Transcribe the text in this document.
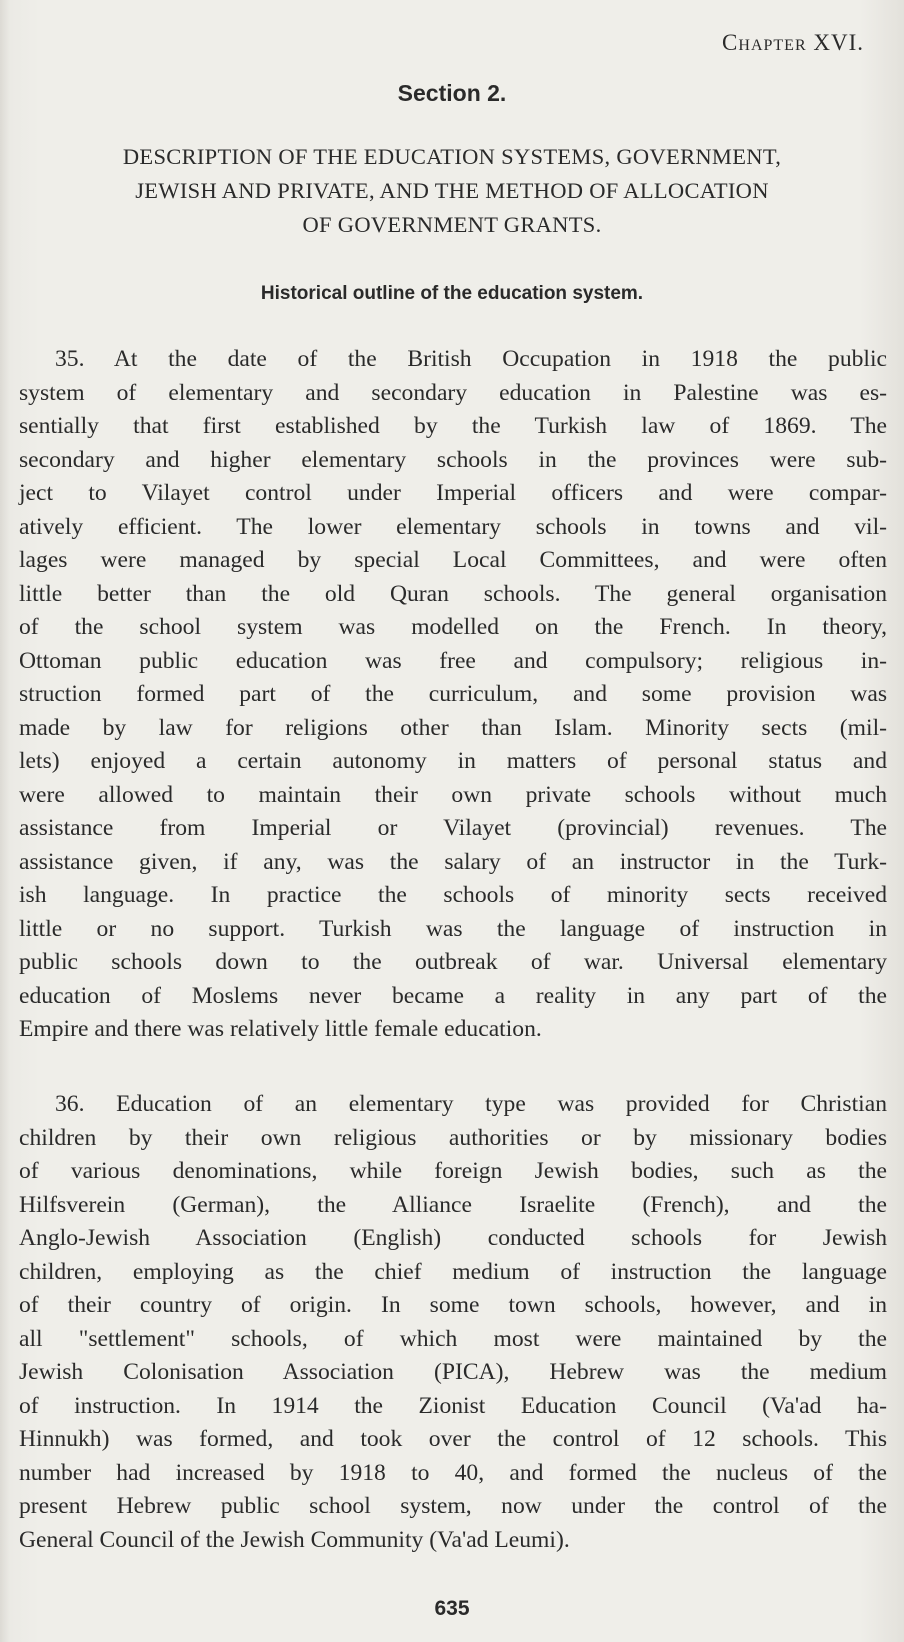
Chapter XVI.
Section 2.
DESCRIPTION OF THE EDUCATION SYSTEMS, GOVERNMENT,
JEWISH AND PRIVATE, AND THE METHOD OF ALLOCATION
OF GOVERNMENT GRANTS.
Historical outline of the education system.
35. At the date of the British Occupation in 1918 the public
system of elementary and secondary education in Palestine was es-
sentially that first established by the Turkish law of 1869. The
secondary and higher elementary schools in the provinces were sub-
ject to Vilayet control under Imperial officers and were compar-
atively efficient. The lower elementary schools in towns and vil-
lages were managed by special Local Committees, and were often
little better than the old Quran schools. The general organisation
of the school system was modelled on the French. In theory,
Ottoman public education was free and compulsory; religious in-
struction formed part of the curriculum, and some provision was
made by law for religions other than Islam. Minority sects (mil-
lets) enjoyed a certain autonomy in matters of personal status and
were allowed to maintain their own private schools without much
assistance from Imperial or Vilayet (provincial) revenues. The
assistance given, if any, was the salary of an instructor in the Turk-
ish language. In practice the schools of minority sects received
little or no support. Turkish was the language of instruction in
public schools down to the outbreak of war. Universal elementary
education of Moslems never became a reality in any part of the
Empire and there was relatively little female education.
36. Education of an elementary type was provided for Christian
children by their own religious authorities or by missionary bodies
of various denominations, while foreign Jewish bodies, such as the
Hilfsverein (German), the Alliance Israelite (French), and the
Anglo-Jewish Association (English) conducted schools for Jewish
children, employing as the chief medium of instruction the language
of their country of origin. In some town schools, however, and in
all "settlement" schools, of which most were maintained by the
Jewish Colonisation Association (PICA), Hebrew was the medium
of instruction. In 1914 the Zionist Education Council (Va'ad ha-
Hinnukh) was formed, and took over the control of 12 schools. This
number had increased by 1918 to 40, and formed the nucleus of the
present Hebrew public school system, now under the control of the
General Council of the Jewish Community (Va'ad Leumi).
635
